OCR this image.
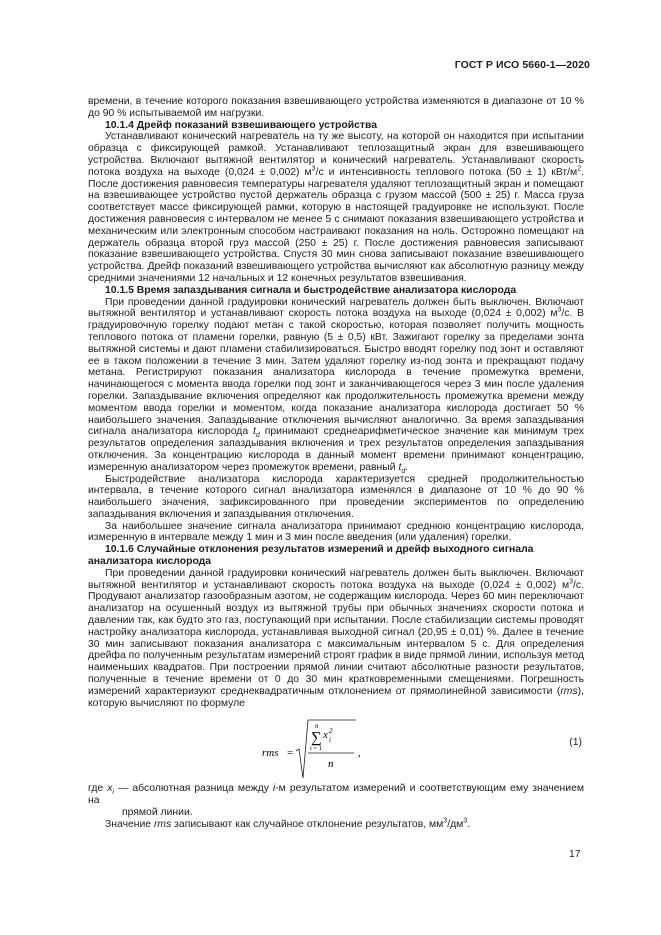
ГОСТ Р ИСО 5660-1—2020

времени, в течение которого показания взвешивающего устройства изменяются в диапазоне от 10 % до 90 % испытываемой им нагрузки.

10.1.4 Дрейф показаний взвешивающего устройства

Устанавливают конический нагреватель на ту же высоту, на которой он находится при испытании образца с фиксирующей рамкой. Устанавливают теплозащитный экран для взвешивающего устройства. Включают вытяжной вентилятор и конический нагреватель. Устанавливают скорость потока воздуха на выходе (0,024 ± 0,002) $м^3/с$ и интенсивность теплового потока (50 ± 1) кВт/$м^2$. После достижения равновесия температуры нагревателя удаляют теплозащитный экран и помещают на взвешивающее устройство пустой держатель образца с грузом массой (500 ± 25) г. Масса груза соответствует массе фиксирующей рамки, которую в настоящей градуировке не используют. После достижения равновесия с интервалом не менее 5 с снимают показания взвешивающего устройства и механическим или электронным способом настраивают показания на ноль. Осторожно помещают на держатель образца второй груз массой (250 ± 25) г. После достижения равновесия записывают показание взвешивающего устройства. Спустя 30 мин снова записывают показание взвешивающего устройства. Дрейф показаний взвешивающего устройства вычисляют как абсолютную разницу между средними значениями 12 начальных и 12 конечных результатов взвешивания.

10.1.5 Время запаздывания сигнала и быстродействие анализатора кислорода

При проведении данной градуировки конический нагреватель должен быть выключен. Включают вытяжной вентилятор и устанавливают скорость потока воздуха на выходе (0,024 ± 0,002) $м^3/с$. В градуировочную горелку подают метан с такой скоростью, которая позволяет получить мощность теплового потока от пламени горелки, равную (5 ± 0,5) кВт. Зажигают горелку за пределами зонта вытяжной системы и дают пламени стабилизироваться. Быстро вводят горелку под зонт и оставляют ее в таком положении в течение 3 мин. Затем удаляют горелку из-под зонта и прекращают подачу метана. Регистрируют показания анализатора кислорода в течение промежутка времени, начинающегося с момента ввода горелки под зонт и заканчивающегося через 3 мин после удаления горелки. Запаздывание включения определяют как продолжительность промежутка времени между моментом ввода горелки и моментом, когда показание анализатора кислорода достигает 50 % наибольшего значения. Запаздывание отключения вычисляют аналогично. За время запаздывания сигнала анализатора кислорода $t_d$ принимают среднеарифметическое значение как минимум трех результатов определения запаздывания включения и трех результатов определения запаздывания отключения. За концентрацию кислорода в данный момент времени принимают концентрацию, измеренную анализатором через промежуток времени, равный $t_d$.

Быстродействие анализатора кислорода характеризуется средней продолжительностью интервала, в течение которого сигнал анализатора изменялся в диапазоне от 10 % до 90 % наибольшего значения, зафиксированного при проведении экспериментов по определению запаздывания включения и запаздывания отключения.

За наибольшее значение сигнала анализатора принимают среднюю концентрацию кислорода, измеренную в интервале между 1 мин и 3 мин после введения (или удаления) горелки.

10.1.6 Случайные отклонения результатов измерений и дрейф выходного сигнала анализатора кислорода

При проведении данной градуировки конический нагреватель должен быть выключен. Включают вытяжной вентилятор и устанавливают скорость потока воздуха на выходе (0,024 ± 0,002) $м^3/с$. Продувают анализатор газообразным азотом, не содержащим кислорода. Через 60 мин переключают анализатор на осушенный воздух из вытяжной трубы при обычных значениях скорости потока и давлении так, как будто это газ, поступающий при испытании. После стабилизации системы проводят настройку анализатора кислорода, устанавливая выходной сигнал (20,95 ± 0,01) %. Далее в течение 30 мин записывают показания анализатора с максимальным интервалом 5 с. Для определения дрейфа по полученным результатам измерений строят график в виде прямой линии, используя метод наименьших квадратов. При построении прямой линии считают абсолютные разности результатов, полученные в течение времени от 0 до 30 мин кратковременными смещениями. Погрешность измерений характеризуют среднеквадратичным отклонением от прямолинейной зависимости (rms), которую вычисляют по формуле

rms =
n
∑
i = 1
x 2
i
n
,
(1)

где $x_i$ — абсолютная разница между i-м результатом измерений и соответствующим ему значением на

прямой линии.

Значение rms записывают как случайное отклонение результатов, $мм^3/дм^3$.

17
